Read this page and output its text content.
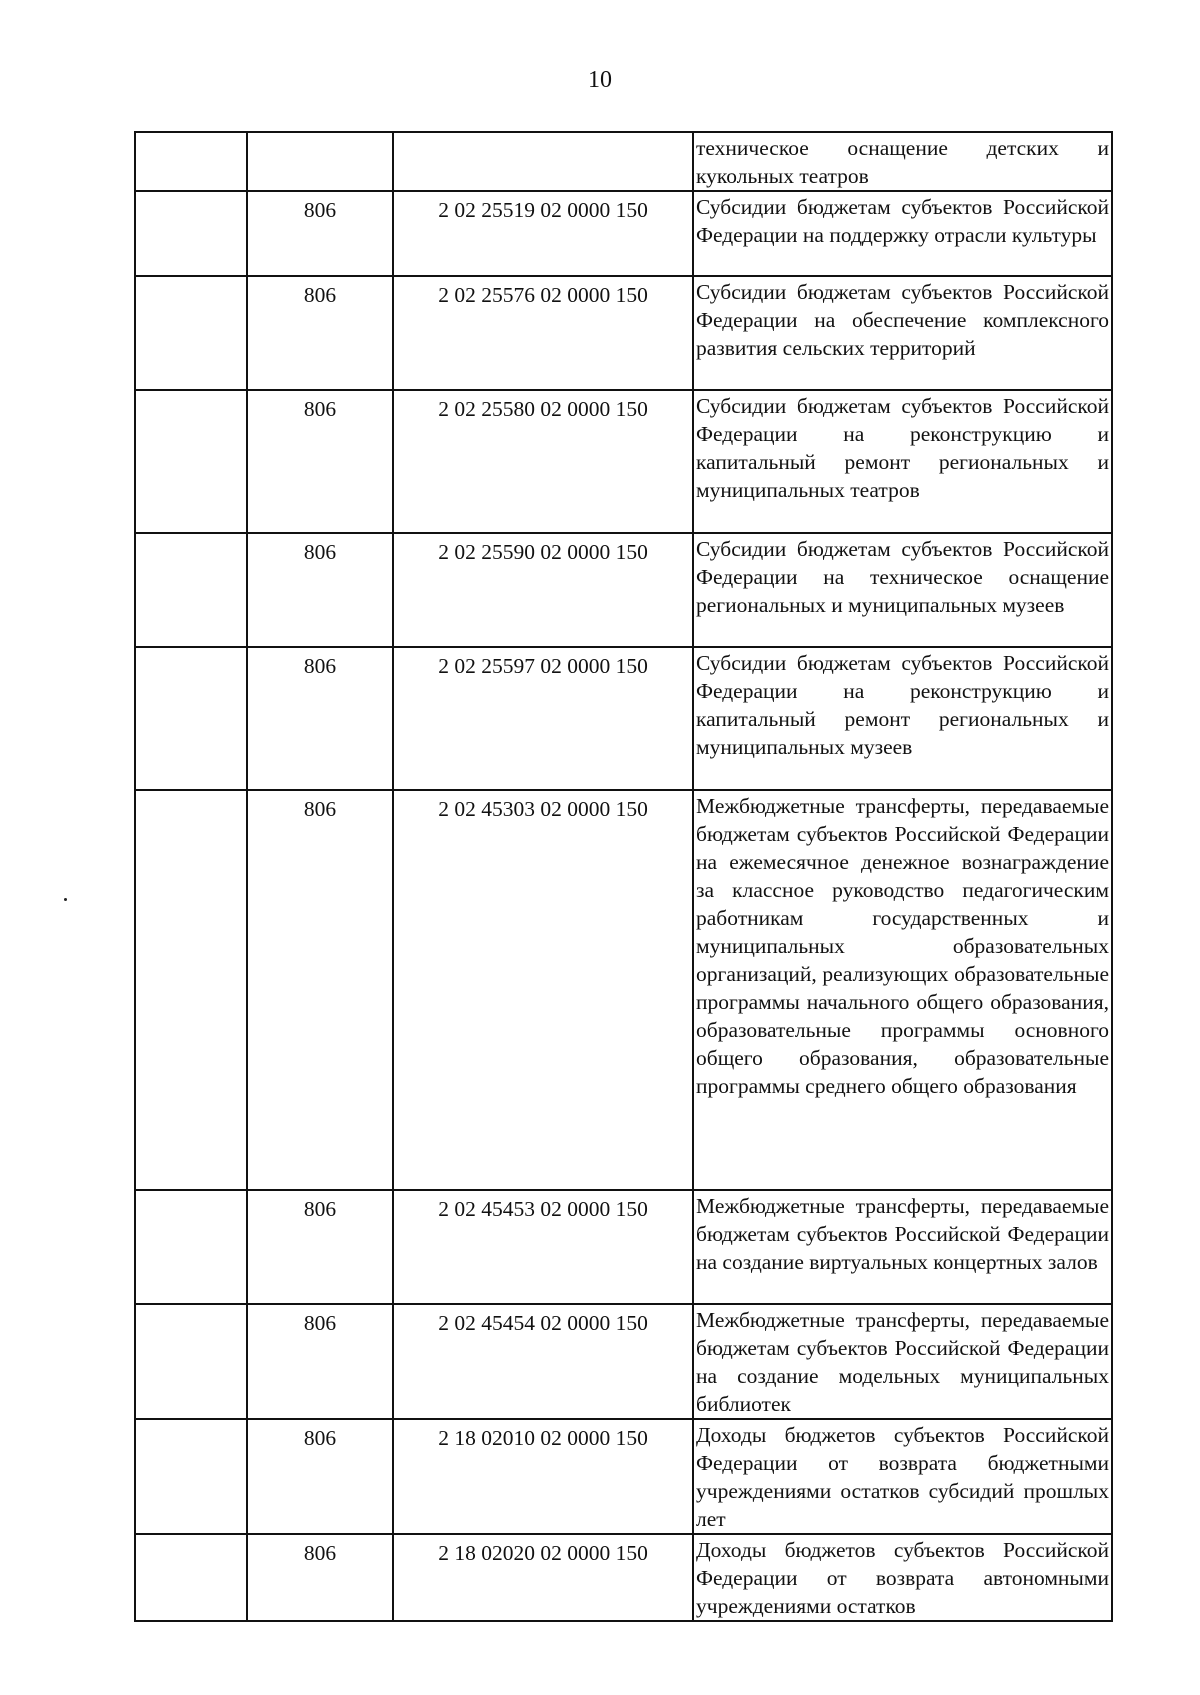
10
			техническое оснащение детских и кукольных театров
	806	2 02 25519 02 0000 150	Субсидии бюджетам субъектов Российской Федерации на поддержку отрасли культуры
	806	2 02 25576 02 0000 150	Субсидии бюджетам субъектов Российской Федерации на обеспечение комплексного развития сельских территорий
	806	2 02 25580 02 0000 150	Субсидии бюджетам субъектов Российской Федерации на реконструкцию и капитальный ремонт региональных и муниципальных театров
	806	2 02 25590 02 0000 150	Субсидии бюджетам субъектов Российской Федерации на техническое оснащение региональных и муниципальных музеев
	806	2 02 25597 02 0000 150	Субсидии бюджетам субъектов Российской Федерации на реконструкцию и капитальный ремонт региональных и муниципальных музеев
	806	2 02 45303 02 0000 150	Межбюджетные трансферты, передаваемые бюджетам субъектов Российской Федерации на ежемесячное денежное вознаграждение за классное руководство педагогическим работникам государственных и муниципальных образовательных организаций, реализующих образовательные программы начального общего образования, образовательные программы основного общего образования, образовательные программы среднего общего образования
	806	2 02 45453 02 0000 150	Межбюджетные трансферты, передаваемые бюджетам субъектов Российской Федерации на создание виртуальных концертных залов
	806	2 02 45454 02 0000 150	Межбюджетные трансферты, передаваемые бюджетам субъектов Российской Федерации на создание модельных муниципальных библиотек
	806	2 18 02010 02 0000 150	Доходы бюджетов субъектов Российской Федерации от возврата бюджетными учреждениями остатков субсидий прошлых лет
	806	2 18 02020 02 0000 150	Доходы бюджетов субъектов Российской Федерации от возврата автономными учреждениями остатков
